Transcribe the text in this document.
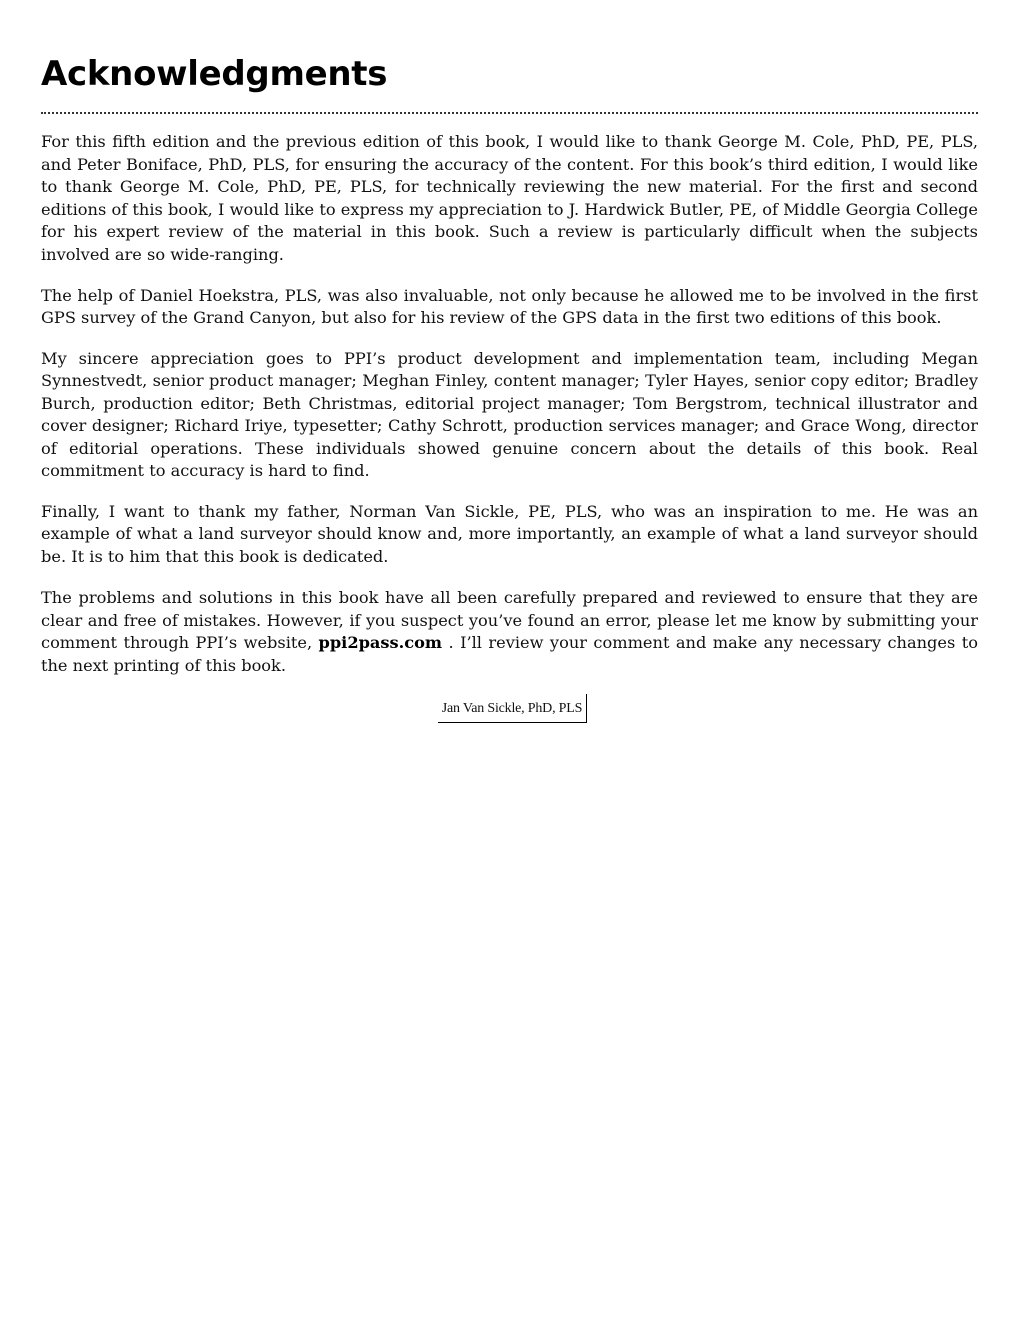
Acknowledgments

For this fifth edition and the previous edition of this book, I would like to thank George M. Cole, PhD, PE, PLS, and Peter Boniface, PhD, PLS, for ensuring the accuracy of the content. For this book’s third edition, I would like to thank George M. Cole, PhD, PE, PLS, for technically reviewing the new material. For the first and second editions of this book, I would like to express my appreciation to J. Hardwick Butler, PE, of Middle Georgia College for his expert review of the material in this book. Such a review is particularly difficult when the subjects involved are so wide-ranging.

The help of Daniel Hoekstra, PLS, was also invaluable, not only because he allowed me to be involved in the first GPS survey of the Grand Canyon, but also for his review of the GPS data in the first two editions of this book.

My sincere appreciation goes to PPI’s product development and implementation team, including Megan Synnestvedt, senior product manager; Meghan Finley, content manager; Tyler Hayes, senior copy editor; Bradley Burch, production editor; Beth Christmas, editorial project manager; Tom Bergstrom, technical illustrator and cover designer; Richard Iriye, typesetter; Cathy Schrott, production services manager; and Grace Wong, director of editorial operations. These individuals showed genuine concern about the details of this book. Real commitment to accuracy is hard to find.

Finally, I want to thank my father, Norman Van Sickle, PE, PLS, who was an inspiration to me. He was an example of what a land surveyor should know and, more importantly, an example of what a land surveyor should be. It is to him that this book is dedicated.

The problems and solutions in this book have all been carefully prepared and reviewed to ensure that they are clear and free of mistakes. However, if you suspect you’ve found an error, please let me know by submitting your comment through PPI’s website, ppi2pass.com . I’ll review your comment and make any necessary changes to the next printing of this book.

Jan Van Sickle, PhD, PLS
